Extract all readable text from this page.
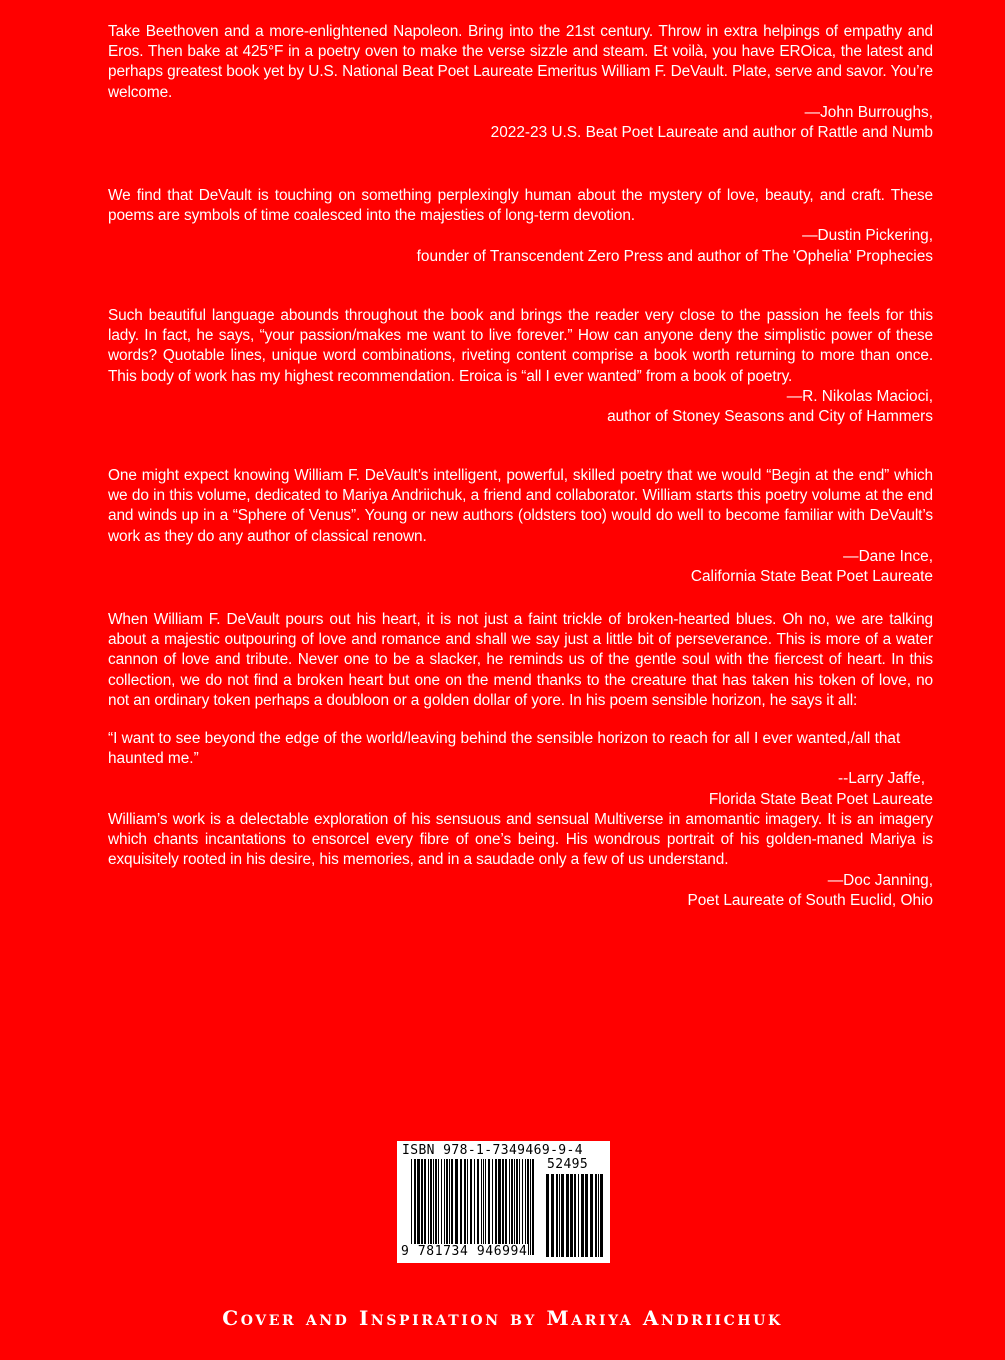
Take Beethoven and a more-enlightened Napoleon. Bring into the 21st century. Throw in extra helpings of empathy and Eros. Then bake at 425°F in a poetry oven to make the verse sizzle and steam. Et voilà, you have EROica, the latest and perhaps greatest book yet by U.S. National Beat Poet Laureate Emeritus William F. DeVault. Plate, serve and savor. You’re welcome.

—John Burroughs,

2022-23 U.S. Beat Poet Laureate and author of Rattle and Numb

We find that DeVault is touching on something perplexingly human about the mystery of love, beauty, and craft. These poems are symbols of time coalesced into the majesties of long-term devotion.

—Dustin Pickering,

founder of Transcendent Zero Press and author of The 'Ophelia' Prophecies

Such beautiful language abounds throughout the book and brings the reader very close to the passion he feels for this lady. In fact, he says, “your passion/makes me want to live forever.” How can anyone deny the simplistic power of these words? Quotable lines, unique word combinations, riveting content comprise a book worth returning to more than once. This body of work has my highest recommendation. Eroica is “all I ever wanted” from a book of poetry.

—R. Nikolas Macioci,

author of Stoney Seasons and City of Hammers

One might expect knowing William F. DeVault’s intelligent, powerful, skilled poetry that we would “Begin at the end” which we do in this volume, dedicated to Mariya Andriichuk, a friend and collaborator. William starts this poetry volume at the end and winds up in a “Sphere of Venus”. Young or new authors (oldsters too) would do well to become familiar with DeVault’s work as they do any author of classical renown.

—Dane Ince,

California State Beat Poet Laureate

When William F. DeVault pours out his heart, it is not just a faint trickle of broken-hearted blues. Oh no, we are talking about a majestic outpouring of love and romance and shall we say just a little bit of perseverance. This is more of a water cannon of love and tribute. Never one to be a slacker, he reminds us of the gentle soul with the fiercest of heart. In this collection, we do not find a broken heart but one on the mend thanks to the creature that has taken his token of love, no not an ordinary token perhaps a doubloon or a golden dollar of yore. In his poem sensible horizon, he says it all:

“I want to see beyond the edge of the world/leaving behind the sensible horizon to reach for all I ever wanted,/all that haunted me.”

--Larry Jaffe,

Florida State Beat Poet Laureate

William’s work is a delectable exploration of his sensuous and sensual Multiverse in amomantic imagery. It is an imagery which chants incantations to ensorcel every fibre of one’s being. His wondrous portrait of his golden-maned Mariya is exquisitely rooted in his desire, his memories, and in a saudade only a few of us understand.

—Doc Janning,

Poet Laureate of South Euclid, Ohio

ISBN 978-1-7349469-9-4
52495
9 781734 946994
Cover and Inspiration by Mariya Andriichuk
